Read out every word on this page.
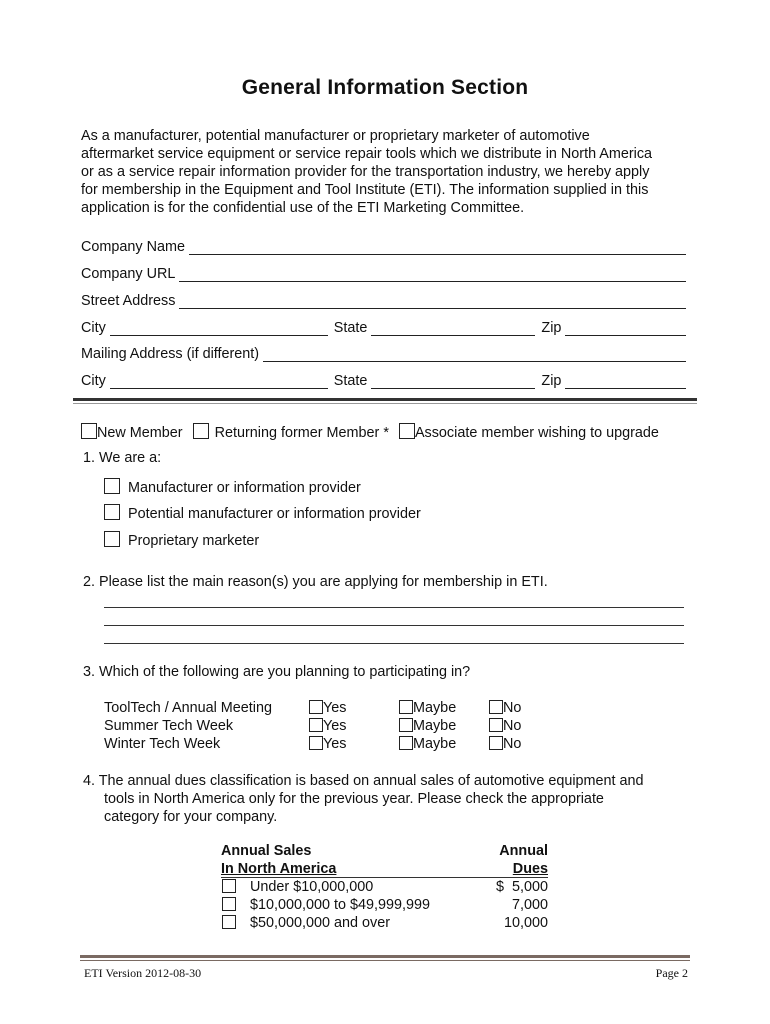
General Information Section
As a manufacturer, potential manufacturer or proprietary marketer of automotive
aftermarket service equipment or service repair tools which we distribute in North America
or as a service repair information provider for the transportation industry, we hereby apply
for membership in the Equipment and Tool Institute (ETI). The information supplied in this
application is for the confidential use of the ETI Marketing Committee.
Company Name
Company URL
Street Address
City	State	Zip
Mailing Address (if different)
City	State	Zip
New Member Returning former Member * Associate member wishing to upgrade
1. We are a:
Manufacturer or information provider
Potential manufacturer or information provider
Proprietary marketer
2. Please list the main reason(s) you are applying for membership in ETI.
3. Which of the following are you planning to participating in?
ToolTech / Annual Meeting	Yes	Maybe	No
Summer Tech Week	Yes	Maybe	No
Winter Tech Week	Yes	Maybe	No
4. The annual dues classification is based on annual sales of automotive equipment and
tools in North America only for the previous year. Please check the appropriate
category for your company.
Annual Sales
In North America
Annual
Dues
Under $10,000,000	$  5,000
$10,000,000 to $49,999,999	7,000
$50,000,000 and over	10,000
ETI Version 2012-08-30	Page 2
